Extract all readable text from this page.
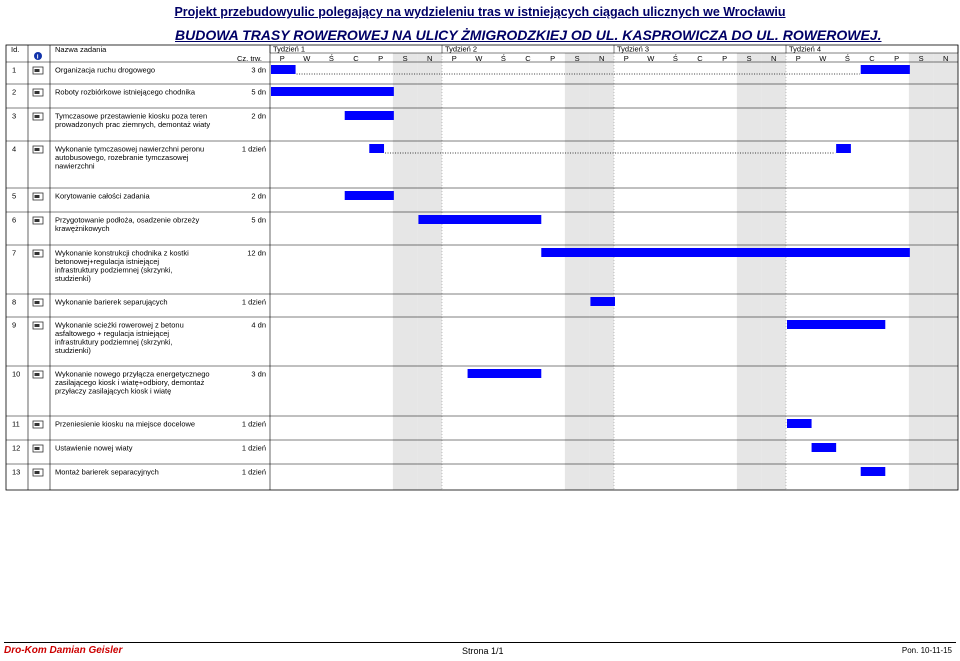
Projekt przebudowyulic polegający na wydzieleniu tras w istniejących ciągach ulicznych we Wrocławiu
BUDOWA TRASY ROWEROWEJ NA ULICY ŻMIGRODZKIEJ OD UL. KASPROWICZA DO UL. ROWEROWEJ.
Id.	Nazwa zadania
Cz. trw.
i
Tydzień 1	Tydzień 2	Tydzień 3	Tydzień 4
P W Ś	C	P	S	N	P W Ś	C	P	S	N	P W Ś	C	P	S	N	P W Ś	C	P	S	N
1	Organizacja ruchu drogowego	3 dn
2	Roboty rozbiórkowe istniejącego chodnika	5 dn
3	Tymczasowe przestawienie kiosku poza teren
prowadzonych prac ziemnych, demontaż wiaty
2 dn
4	Wykonanie tymczasowej nawierzchni peronu
autobusowego, rozebranie tymczasowej
nawierzchni
1 dzień
5	Korytowanie całości zadania	2 dn
6	Przygotowanie podłoża, osadzenie obrzeży
krawężnikowych
5 dn
7	Wykonanie konstrukcji chodnika z kostki
betonowej+regulacja istniejącej
infrastruktury podziemnej (skrzynki,
studzienki)
12 dn
8	Wykonanie barierek separujących	1 dzień
9	Wykonanie scieżki rowerowej z betonu
asfaltowego + regulacja istniejącej
infrastruktury podziemnej (skrzynki,
studzienki)
4 dn
10	Wykonanie nowego przyłącza energetycznego
zasilającego kiosk i wiatę+odbiory, demontaż
przyłaczy zasilających kiosk i wiatę
3 dn
11	Przeniesienie kiosku na miejsce docelowe	1 dzień
12	Ustawienie nowej wiaty	1 dzień
13	Montaż barierek separacyjnych	1 dzień
Dro-Kom Damian Geisler	Strona 1/1	Pon. 10-11-15
